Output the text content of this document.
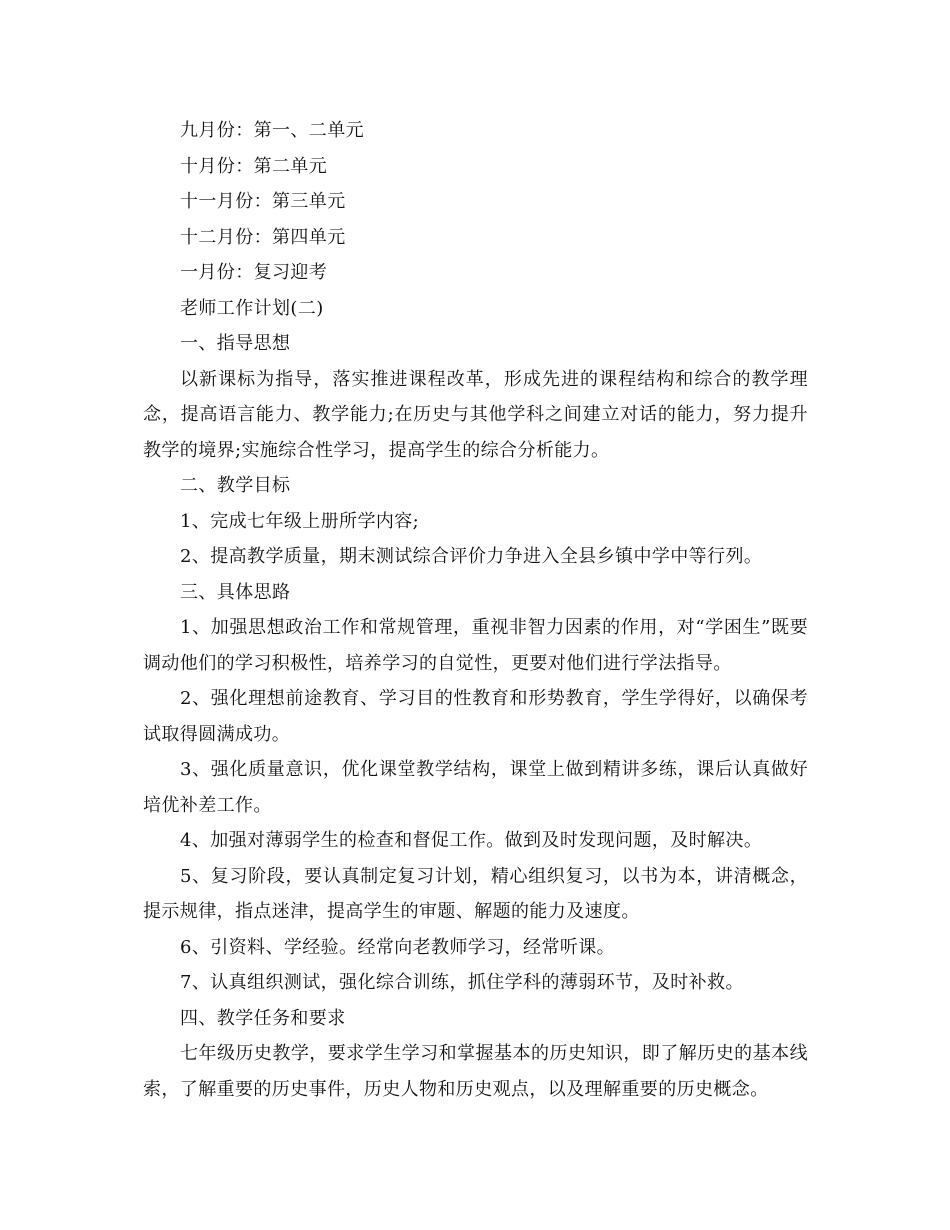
九月份：第一、二单元

十月份：第二单元

十一月份：第三单元

十二月份：第四单元

一月份：复习迎考

老师工作计划(二)

一、指导思想

以新课标为指导，落实推进课程改革，形成先进的课程结构和综合的教学理念，提高语言能力、教学能力;在历史与其他学科之间建立对话的能力，努力提升教学的境界;实施综合性学习，提高学生的综合分析能力。

二、教学目标

1、完成七年级上册所学内容;

2、提高教学质量，期末测试综合评价力争进入全县乡镇中学中等行列。

三、具体思路

1、加强思想政治工作和常规管理，重视非智力因素的作用，对“学困生”既要调动他们的学习积极性，培养学习的自觉性，更要对他们进行学法指导。

2、强化理想前途教育、学习目的性教育和形势教育，学生学得好，以确保考试取得圆满成功。

3、强化质量意识，优化课堂教学结构，课堂上做到精讲多练，课后认真做好培优补差工作。

4、加强对薄弱学生的检查和督促工作。做到及时发现问题，及时解决。

5、复习阶段，要认真制定复习计划，精心组织复习，以书为本，讲清概念，提示规律，指点迷津，提高学生的审题、解题的能力及速度。

6、引资料、学经验。经常向老教师学习，经常听课。

7、认真组织测试，强化综合训练，抓住学科的薄弱环节，及时补救。

四、教学任务和要求

七年级历史教学，要求学生学习和掌握基本的历史知识，即了解历史的基本线索，了解重要的历史事件，历史人物和历史观点，以及理解重要的历史概念。
